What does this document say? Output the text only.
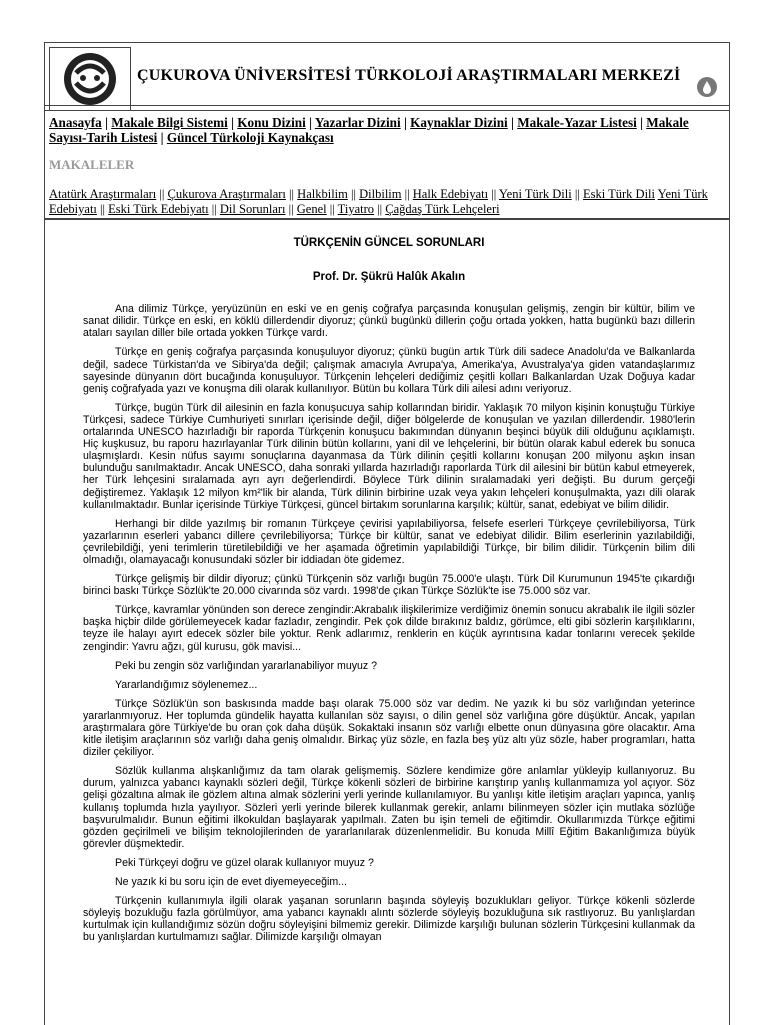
ÇUKUROVA ÜNİVERSİTESİ TÜRKOLOJİ ARAŞTIRMALARI MERKEZİ
Anasayfa | Makale Bilgi Sistemi | Konu Dizini | Yazarlar Dizini | Kaynaklar Dizini | Makale-Yazar Listesi | Makale Sayısı-Tarih Listesi | Güncel Türkoloji Kaynakçası
MAKALELER
Atatürk Araştırmaları || Çukurova Araştırmaları || Halkbilim || Dilbilim || Halk Edebiyatı || Yeni Türk Dili || Eski Türk Dili Yeni Türk Edebiyatı || Eski Türk Edebiyatı || Dil Sorunları || Genel || Tiyatro || Çağdaş Türk Lehçeleri
TÜRKÇENİN GÜNCEL SORUNLARI
Prof. Dr. Şükrü Halûk Akalın

Ana dilimiz Türkçe, yeryüzünün en eski ve en geniş coğrafya parçasında konuşulan gelişmiş, zengin bir kültür, bilim ve sanat dilidir. Türkçe en eski, en köklü dillerdendir diyoruz; çünkü bugünkü dillerin çoğu ortada yokken, hatta bugünkü bazı dillerin ataları sayılan diller bile ortada yokken Türkçe vardı.

Türkçe en geniş coğrafya parçasında konuşuluyor diyoruz; çünkü bugün artık Türk dili sadece Anadolu'da ve Balkanlarda değil, sadece Türkistan'da ve Sibirya'da değil; çalışmak amacıyla Avrupa'ya, Amerika'ya, Avustralya'ya giden vatandaşlarımız sayesinde dünyanın dört bucağında konuşuluyor. Türkçenin lehçeleri dediğimiz çeşitli kolları Balkanlardan Uzak Doğuya kadar geniş coğrafyada yazı ve konuşma dili olarak kullanılıyor. Bütün bu kollara Türk dili ailesi adını veriyoruz.

Türkçe, bugün Türk dil ailesinin en fazla konuşucuya sahip kollarından biridir. Yaklaşık 70 milyon kişinin konuştuğu Türkiye Türkçesi, sadece Türkiye Cumhuriyeti sınırları içerisinde değil, diğer bölgelerde de konuşulan ve yazılan dillerdendir. 1980'lerin ortalarında UNESCO hazırladığı bir raporda Türkçenin konuşucu bakımından dünyanın beşinci büyük dili olduğunu açıklamıştı. Hiç kuşkusuz, bu raporu hazırlayanlar Türk dilinin bütün kollarını, yani dil ve lehçelerini, bir bütün olarak kabul ederek bu sonuca ulaşmışlardı. Kesin nüfus sayımı sonuçlarına dayanmasa da Türk dilinin çeşitli kollarını konuşan 200 milyonu aşkın insan bulunduğu sanılmaktadır. Ancak UNESCO, daha sonraki yıllarda hazırladığı raporlarda Türk dil ailesini bir bütün kabul etmeyerek, her Türk lehçesini sıralamada ayrı ayrı değerlendirdi. Böylece Türk dilinin sıralamadaki yeri değişti. Bu durum gerçeği değiştiremez. Yaklaşık 12 milyon km²'lik bir alanda, Türk dilinin birbirine uzak veya yakın lehçeleri konuşulmakta, yazı dili olarak kullanılmaktadır. Bunlar içerisinde Türkiye Türkçesi, güncel birtakım sorunlarına karşılık; kültür, sanat, edebiyat ve bilim dilidir.

Herhangi bir dilde yazılmış bir romanın Türkçeye çevirisi yapılabiliyorsa, felsefe eserleri Türkçeye çevrilebiliyorsa, Türk yazarlarının eserleri yabancı dillere çevrilebiliyorsa; Türkçe bir kültür, sanat ve edebiyat dilidir. Bilim eserlerinin yazılabildiği, çevrilebildiği, yeni terimlerin türetilebildiği ve her aşamada öğretimin yapılabildiği Türkçe, bir bilim dilidir. Türkçenin bilim dili olmadığı, olamayacağı konusundaki sözler bir iddiadan öte gidemez.

Türkçe gelişmiş bir dildir diyoruz; çünkü Türkçenin söz varlığı bugün 75.000'e ulaştı. Türk Dil Kurumunun 1945'te çıkardığı birinci baskı Türkçe Sözlük'te 20.000 civarında söz vardı. 1998'de çıkan Türkçe Sözlük'te ise 75.000 söz var.

Türkçe, kavramlar yönünden son derece zengindir:Akrabalık ilişkilerimize verdiğimiz önemin sonucu akrabalık ile ilgili sözler başka hiçbir dilde görülemeyecek kadar fazladır, zengindir. Pek çok dilde bırakınız baldız, görümce, elti gibi sözlerin karşılıklarını, teyze ile halayı ayırt edecek sözler bile yoktur. Renk adlarımız, renklerin en küçük ayrıntısına kadar tonlarını verecek şekilde zengindir: Yavru ağzı, gül kurusu, gök mavisi...

Peki bu zengin söz varlığından yararlanabiliyor muyuz ?

Yararlandığımız söylenemez...

Türkçe Sözlük'ün son baskısında madde başı olarak 75.000 söz var dedim. Ne yazık ki bu söz varlığından yeterince yararlanmıyoruz. Her toplumda gündelik hayatta kullanılan söz sayısı, o dilin genel söz varlığına göre düşüktür. Ancak, yapılan araştırmalara göre Türkiye'de bu oran çok daha düşük. Sokaktaki insanın söz varlığı elbette onun dünyasına göre olacaktır. Ama kitle iletişim araçlarının söz varlığı daha geniş olmalıdır. Birkaç yüz sözle, en fazla beş yüz altı yüz sözle, haber programları, hatta diziler çekiliyor.

Sözlük kullanma alışkanlığımız da tam olarak gelişmemiş. Sözlere kendimize göre anlamlar yükleyip kullanıyoruz. Bu durum, yalnızca yabancı kaynaklı sözleri değil, Türkçe kökenli sözleri de birbirine karıştırıp yanlış kullanmamıza yol açıyor. Söz gelişi gözaltına almak ile gözlem altına almak sözlerini yerli yerinde kullanılamıyor. Bu yanlışı kitle iletişim araçları yapınca, yanlış kullanış toplumda hızla yayılıyor. Sözleri yerli yerinde bilerek kullanmak gerekir, anlamı bilinmeyen sözler için mutlaka sözlüğe başvurulmalıdır. Bunun eğitimi ilkokuldan başlayarak yapılmalı. Zaten bu işin temeli de eğitimdir. Okullarımızda Türkçe eğitimi gözden geçirilmeli ve bilişim teknolojilerinden de yararlanılarak düzenlenmelidir. Bu konuda Millî Eğitim Bakanlığımıza büyük görevler düşmektedir.

Peki Türkçeyi doğru ve güzel olarak kullanıyor muyuz ?

Ne yazık ki bu soru için de evet diyemeyeceğim...

Türkçenin kullanımıyla ilgili olarak yaşanan sorunların başında söyleyiş bozuklukları geliyor. Türkçe kökenli sözlerde söyleyiş bozukluğu fazla görülmüyor, ama yabancı kaynaklı alıntı sözlerde söyleyiş bozukluğuna sık rastlıyoruz. Bu yanlışlardan kurtulmak için kullandığımız sözün doğru söyleyişini bilmemiz gerekir. Dilimizde karşılığı bulunan sözlerin Türkçesini kullanmak da bu yanlışlardan kurtulmamızı sağlar. Dilimizde karşılığı olmayan
